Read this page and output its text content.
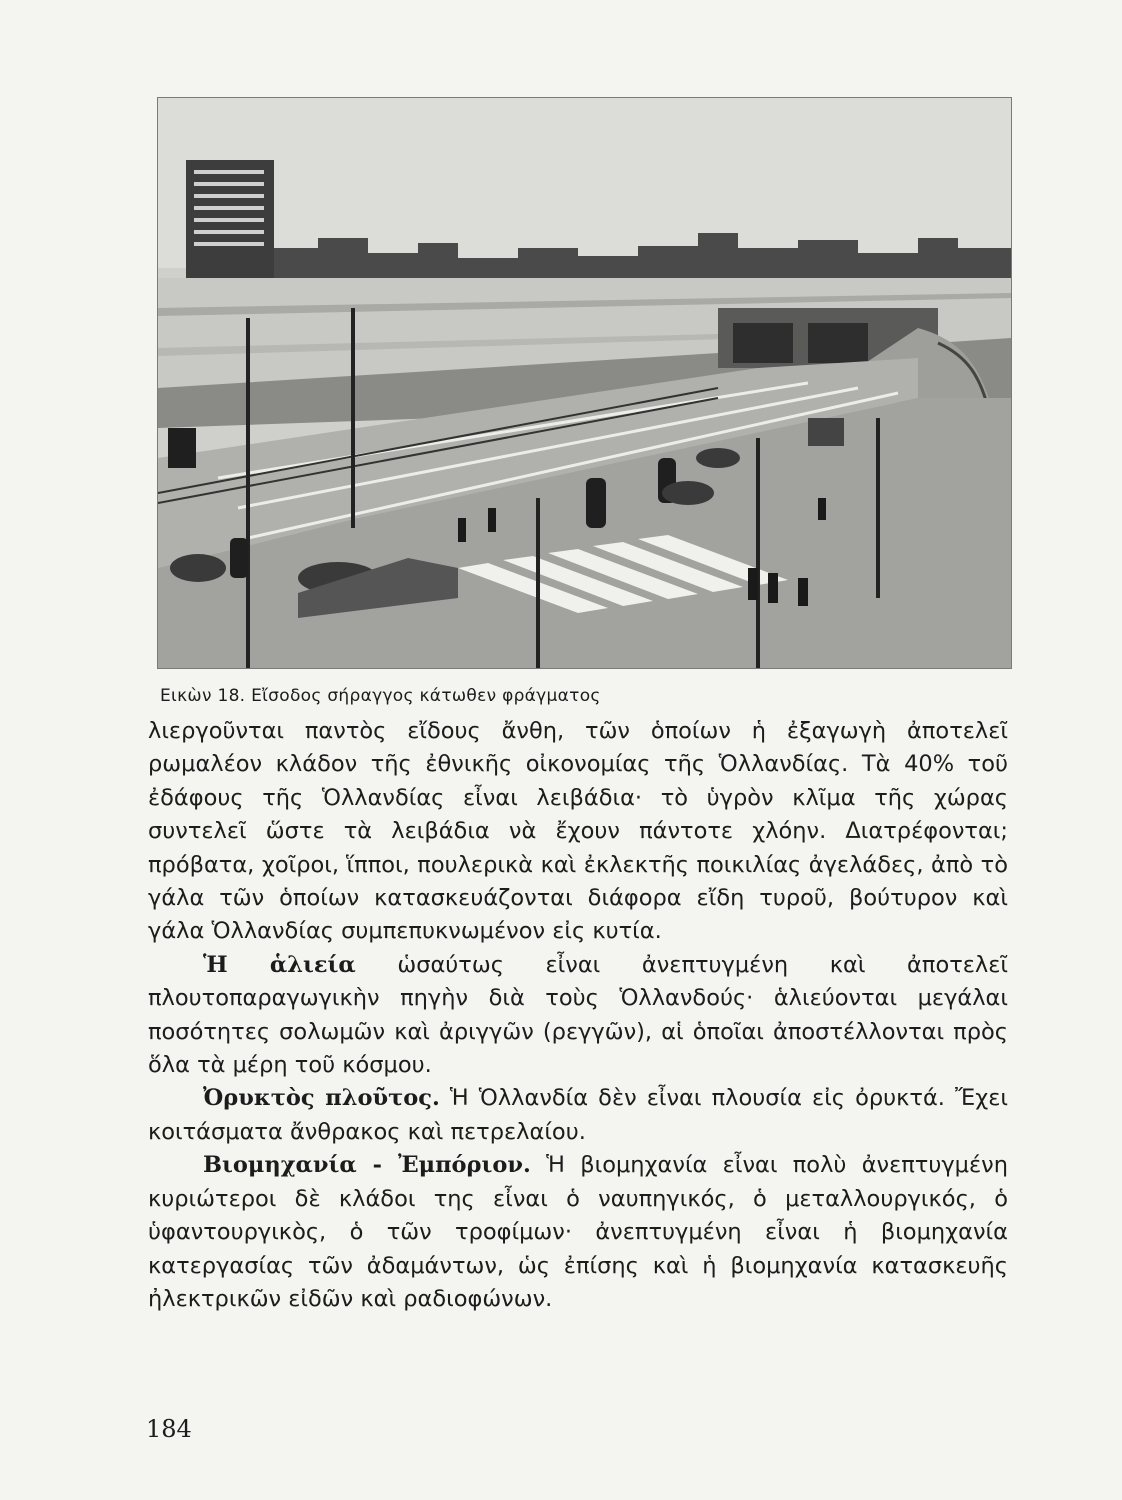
Εικὼν 18. Εἴσοδος σήραγγος κάτωθεν φράγματος

λιεργοῦνται παντὸς εἴδους ἄνθη, τῶν ὁποίων ἡ ἐξαγωγὴ ἀποτελεῖ ρωμαλέον κλάδον τῆς ἐθνικῆς οἰκονομίας τῆς Ὁλλανδίας. Τὰ 40% τοῦ ἐδάφους τῆς Ὁλλανδίας εἶναι λειβάδια· τὸ ὑγρὸν κλῖμα τῆς χώρας συντελεῖ ὥστε τὰ λειβάδια νὰ ἔχουν πάντοτε χλόην. Διατρέφονται; πρόβατα, χοῖροι, ἵπποι, πουλερικὰ καὶ ἐκλεκτῆς ποικιλίας ἀγελάδες, ἀπὸ τὸ γάλα τῶν ὁποίων κατασκευάζονται διάφορα εἴδη τυροῦ, βούτυρον καὶ γάλα Ὁλλανδίας συμπεπυκνωμένον εἰς κυτία.

Ἡ ἁλιεία ὡσαύτως εἶναι ἀνεπτυγμένη καὶ ἀποτελεῖ πλουτοπαραγωγικὴν πηγὴν διὰ τοὺς Ὁλλανδούς· ἁλιεύονται μεγάλαι ποσότητες σολωμῶν καὶ ἀριγγῶν (ρεγγῶν), αἱ ὁποῖαι ἀποστέλλονται πρὸς ὅλα τὰ μέρη τοῦ κόσμου.

Ὀρυκτὸς πλοῦτος. Ἡ Ὁλλανδία δὲν εἶναι πλουσία εἰς ὀρυκτά. Ἔχει κοιτάσματα ἄνθρακος καὶ πετρελαίου.

Βιομηχανία - Ἐμπόριον. Ἡ βιομηχανία εἶναι πολὺ ἀνεπτυγμένη κυριώτεροι δὲ κλάδοι της εἶναι ὁ ναυπηγικός, ὁ μεταλλουργικός, ὁ ὑφαντουργικὸς, ὁ τῶν τροφίμων· ἀνεπτυγμένη εἶναι ἡ βιομηχανία κατεργασίας τῶν ἀδαμάντων, ὡς ἐπίσης καὶ ἡ βιομηχανία κατασκευῆς ἠλεκτρικῶν εἰδῶν καὶ ραδιοφώνων.

184
